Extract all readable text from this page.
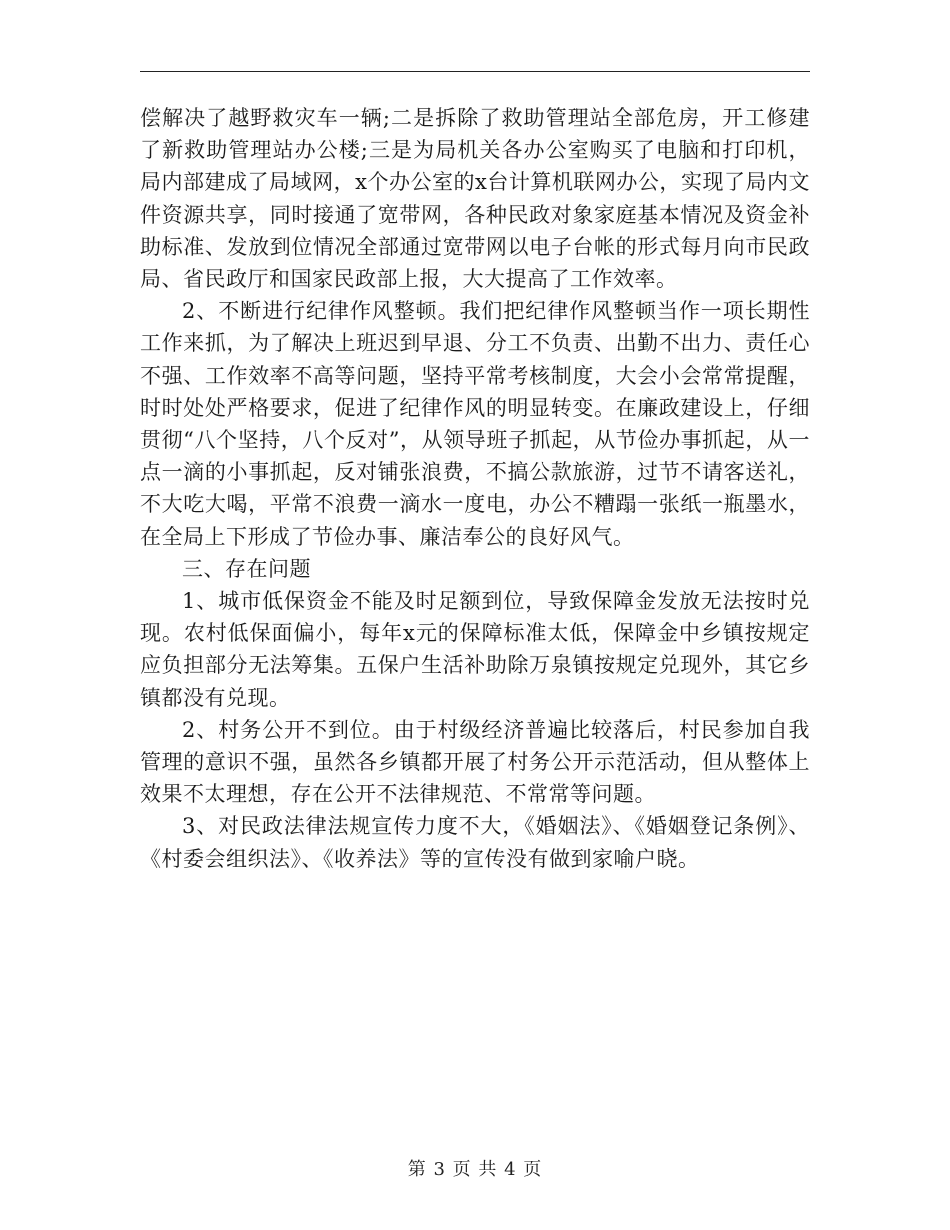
偿解决了越野救灾车一辆;二是拆除了救助管理站全部危房，开工修建了新救助管理站办公楼;三是为局机关各办公室购买了电脑和打印机，局内部建成了局域网，x个办公室的x台计算机联网办公，实现了局内文件资源共享，同时接通了宽带网，各种民政对象家庭基本情况及资金补助标准、发放到位情况全部通过宽带网以电子台帐的形式每月向市民政局、省民政厅和国家民政部上报，大大提高了工作效率。

2、不断进行纪律作风整顿。我们把纪律作风整顿当作一项长期性工作来抓，为了解决上班迟到早退、分工不负责、出勤不出力、责任心不强、工作效率不高等问题，坚持平常考核制度，大会小会常常提醒，时时处处严格要求，促进了纪律作风的明显转变。在廉政建设上，仔细贯彻“八个坚持，八个反对”，从领导班子抓起，从节俭办事抓起，从一点一滴的小事抓起，反对铺张浪费，不搞公款旅游，过节不请客送礼，不大吃大喝，平常不浪费一滴水一度电，办公不糟蹋一张纸一瓶墨水，在全局上下形成了节俭办事、廉洁奉公的良好风气。

三、存在问题

1、城市低保资金不能及时足额到位，导致保障金发放无法按时兑现。农村低保面偏小，每年x元的保障标准太低，保障金中乡镇按规定应负担部分无法筹集。五保户生活补助除万泉镇按规定兑现外，其它乡镇都没有兑现。

2、村务公开不到位。由于村级经济普遍比较落后，村民参加自我管理的意识不强，虽然各乡镇都开展了村务公开示范活动，但从整体上效果不太理想，存在公开不法律规范、不常常等问题。

3、对民政法律法规宣传力度不大，《婚姻法》、《婚姻登记条例》、《村委会组织法》、《收养法》等的宣传没有做到家喻户晓。

第 3 页 共 4 页
